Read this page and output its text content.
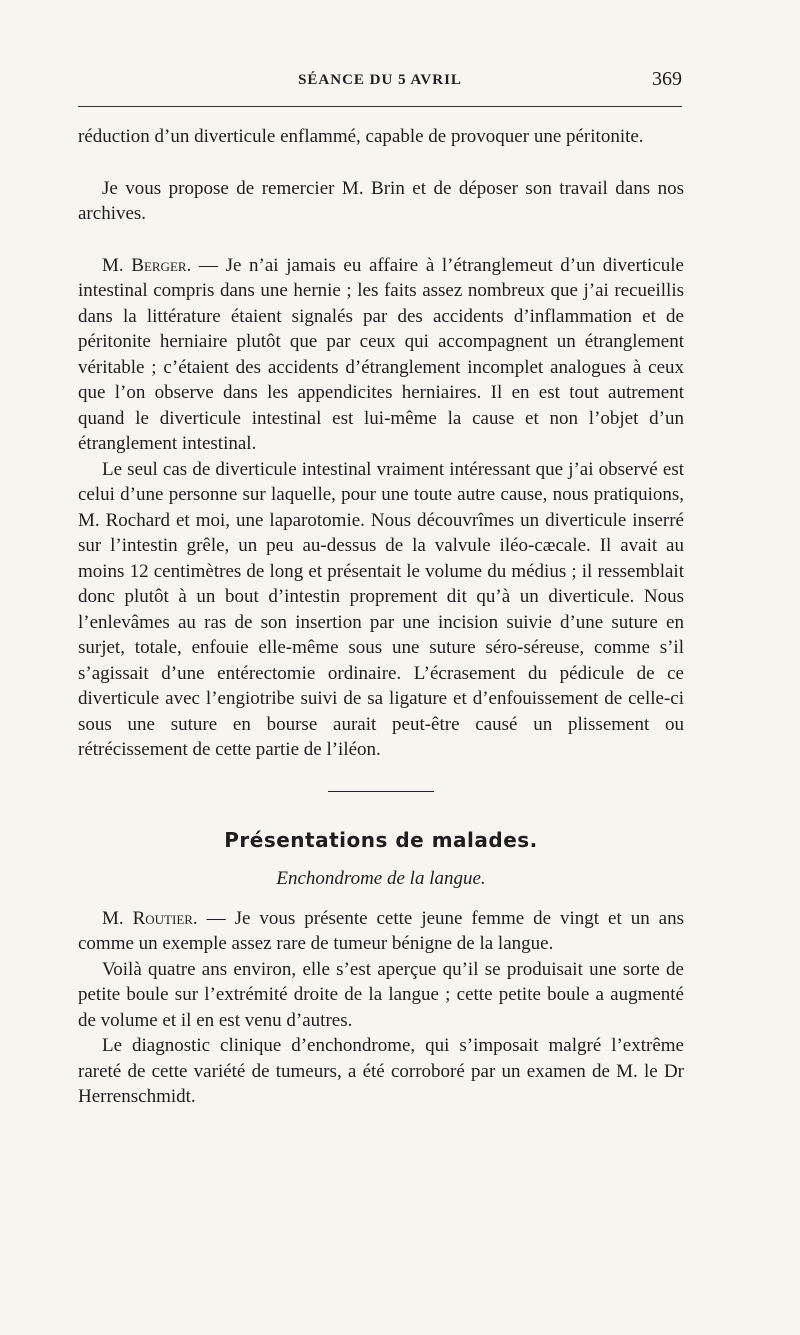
SÉANCE DU 5 AVRIL	369

réduction d’un diverticule enflammé, capable de provoquer une péritonite.

Je vous propose de remercier M. Brin et de déposer son travail dans nos archives.

M. Berger. — Je n’ai jamais eu affaire à l’étranglemeut d’un diverticule intestinal compris dans une hernie ; les faits assez nombreux que j’ai recueillis dans la littérature étaient signalés par des accidents d’inflammation et de péritonite herniaire plutôt que par ceux qui accompagnent un étranglement véritable ; c’étaient des accidents d’étranglement incomplet analogues à ceux que l’on observe dans les appendicites herniaires. Il en est tout autrement quand le diverticule intestinal est lui-même la cause et non l’objet d’un étranglement intestinal.

Le seul cas de diverticule intestinal vraiment intéressant que j’ai observé est celui d’une personne sur laquelle, pour une toute autre cause, nous pratiquions, M. Rochard et moi, une laparotomie. Nous découvrîmes un diverticule inserré sur l’intestin grêle, un peu au-dessus de la valvule iléo-cæcale. Il avait au moins 12 centimètres de long et présentait le volume du médius ; il ressemblait donc plutôt à un bout d’intestin proprement dit qu’à un diverticule. Nous l’enlevâmes au ras de son insertion par une incision suivie d’une suture en surjet, totale, enfouie elle-même sous une suture séro-séreuse, comme s’il s’agissait d’une entérectomie ordinaire. L’écrasement du pédicule de ce diverticule avec l’engiotribe suivi de sa ligature et d’enfouissement de celle-ci sous une suture en bourse aurait peut-être causé un plissement ou rétrécissement de cette partie de l’iléon.

Présentations de malades.
Enchondrome de la langue.

M. Routier. — Je vous présente cette jeune femme de vingt et un ans comme un exemple assez rare de tumeur bénigne de la langue.

Voilà quatre ans environ, elle s’est aperçue qu’il se produisait une sorte de petite boule sur l’extrémité droite de la langue ; cette petite boule a augmenté de volume et il en est venu d’autres.

Le diagnostic clinique d’enchondrome, qui s’imposait malgré l’extrême rareté de cette variété de tumeurs, a été corroboré par un examen de M. le Dr Herrenschmidt.
